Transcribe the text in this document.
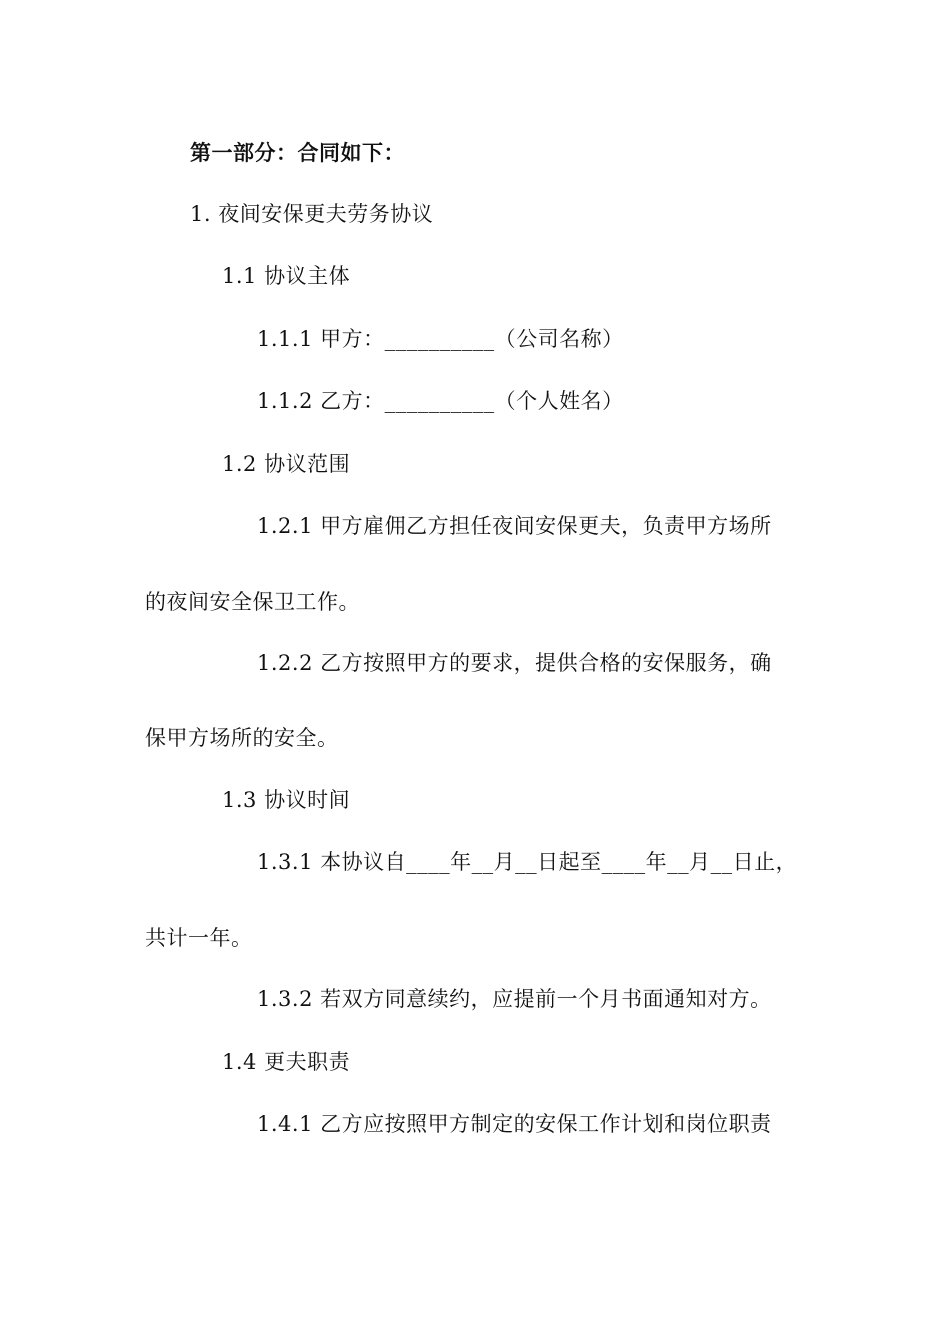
第一部分：合同如下：
1. 夜间安保更夫劳务协议
1.1 协议主体
1.1.1 甲方：__________（公司名称）
1.1.2 乙方：__________（个人姓名）
1.2 协议范围
1.2.1 甲方雇佣乙方担任夜间安保更夫，负责甲方场所
的夜间安全保卫工作。
1.2.2 乙方按照甲方的要求，提供合格的安保服务，确
保甲方场所的安全。
1.3 协议时间
1.3.1 本协议自____年__月__日起至____年__月__日止，
共计一年。
1.3.2 若双方同意续约，应提前一个月书面通知对方。
1.4 更夫职责
1.4.1 乙方应按照甲方制定的安保工作计划和岗位职责
